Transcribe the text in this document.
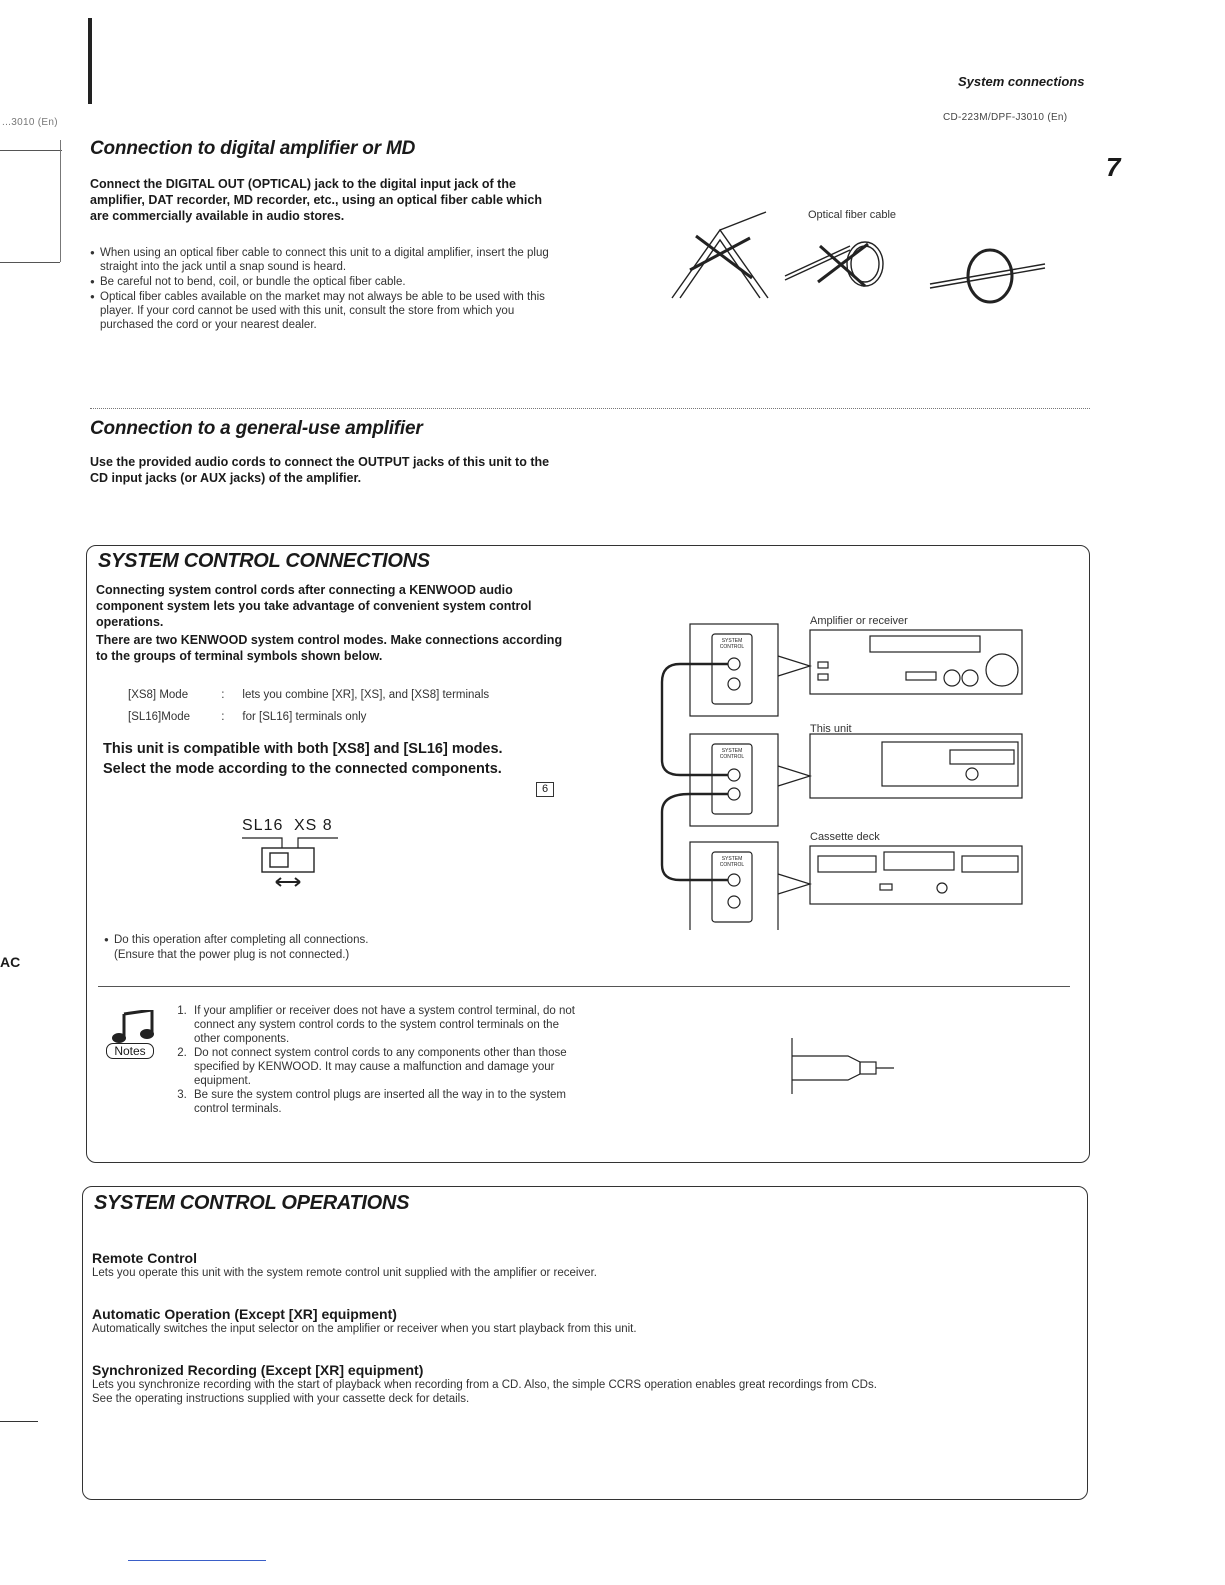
...3010 (En)
AC
System connections
CD-223M/DPF-J3010 (En)
7
Connection to digital amplifier or MD
Connect the DIGITAL OUT (OPTICAL) jack to the digital input jack of the amplifier, DAT recorder, MD recorder, etc., using an optical fiber cable which are commercially available in audio stores.
● When using an optical fiber cable to connect this unit to a digital amplifier, insert the plug straight into the jack until a snap sound is heard.
● Be careful not to bend, coil, or bundle the optical fiber cable.
● Optical fiber cables available on the market may not always be able to be used with this player. If your cord cannot be used with this unit, consult the store from which you purchased the cord or your nearest dealer.
Optical fiber cable
Connection to a general-use amplifier
Use the provided audio cords to connect the OUTPUT jacks of this unit to the CD input jacks (or AUX jacks) of the amplifier.
SYSTEM CONTROL CONNECTIONS
Connecting system control cords after connecting a KENWOOD audio component system lets you take advantage of convenient system control operations.
There are two KENWOOD system control modes. Make connections according to the groups of terminal symbols shown below.
[XS8] Mode	: lets you combine [XR], [XS], and [XS8] terminals
[SL16]Mode	: for [SL16] terminals only
This unit is compatible with both [XS8] and [SL16] modes.
Select the mode according to the connected components.
6
SL16 XS 8
● Do this operation after completing all connections.
(Ensure that the power plug is not connected.)
Amplifier or receiver
This unit
Cassette deck
SYSTEM
CONTROL
SYSTEM
CONTROL
SYSTEM
CONTROL
Notes
1. If your amplifier or receiver does not have a system control terminal, do not connect any system control cords to the system control terminals on the other components.
2. Do not connect system control cords to any components other than those specified by KENWOOD. It may cause a malfunction and damage your equipment.
3. Be sure the system control plugs are inserted all the way in to the system control terminals.
SYSTEM CONTROL OPERATIONS
Remote Control
Lets you operate this unit with the system remote control unit supplied with the amplifier or receiver.
Automatic Operation (Except [XR] equipment)
Automatically switches the input selector on the amplifier or receiver when you start playback from this unit.
Synchronized Recording (Except [XR] equipment)
Lets you synchronize recording with the start of playback when recording from a CD. Also, the simple CCRS operation enables great recordings from CDs.
See the operating instructions supplied with your cassette deck for details.
